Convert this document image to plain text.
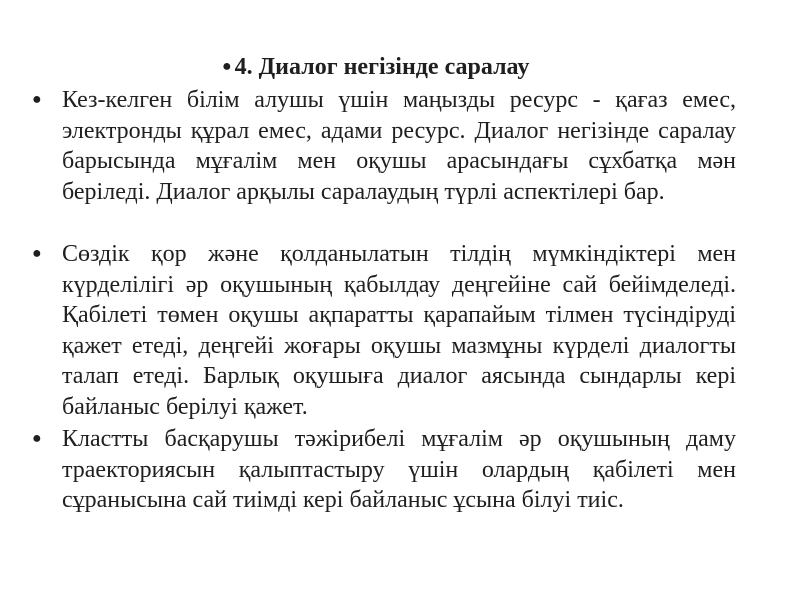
● 4. Диалог негізінде саралау
● Кез-келген білім алушы үшін маңызды ресурс - қағаз емес, электронды құрал емес, адами ресурс. Диалог негізінде саралау барысында мұғалім мен оқушы арасындағы сұхбатқа мән беріледі. Диалог арқылы саралаудың түрлі аспектілері бар.
● Сөздік қор және қолданылатын тілдің мүмкіндіктері мен күрделілігі әр оқушының қабылдау деңгейіне сай бейімделеді. Қабілеті төмен оқушы ақпаратты қарапайым тілмен түсіндіруді қажет етеді, деңгейі жоғары оқушы мазмұны күрделі диалогты талап етеді. Барлық оқушыға диалог аясында сындарлы кері байланыс берілуі қажет.
● Кластты басқарушы тәжірибелі мұғалім әр оқушының даму траекториясын қалыптастыру үшін олардың қабілеті мен сұранысына сай тиімді кері байланыс ұсына білуі тиіс.
